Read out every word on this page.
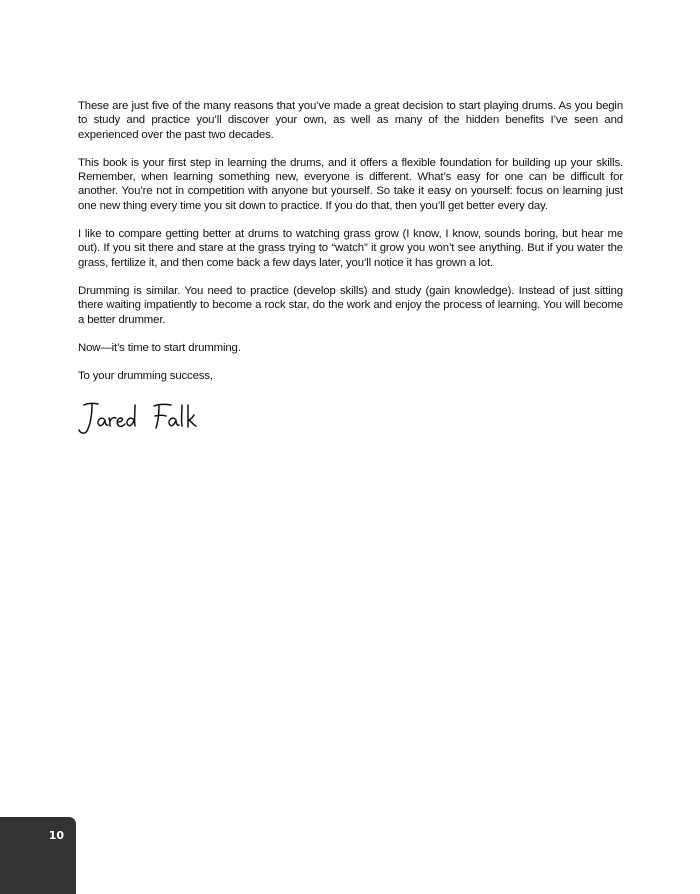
These are just five of the many reasons that you’ve made a great decision to start playing drums. As you begin to study and practice you’ll discover your own, as well as many of the hidden benefits I’ve seen and experienced over the past two decades.

This book is your first step in learning the drums, and it offers a flexible foundation for building up your skills. Remember, when learning something new, everyone is different. What’s easy for one can be difficult for another. You’re not in competition with anyone but yourself. So take it easy on yourself: focus on learning just one new thing every time you sit down to practice. If you do that, then you’ll get better every day.

I like to compare getting better at drums to watching grass grow (I know, I know, sounds boring, but hear me out). If you sit there and stare at the grass trying to “watch” it grow you won’t see anything. But if you water the grass, fertilize it, and then come back a few days later, you’ll notice it has grown a lot.

Drumming is similar. You need to practice (develop skills) and study (gain knowledge). Instead of just sitting there waiting impatiently to become a rock star, do the work and enjoy the process of learning. You will become a better drummer.

Now—it’s time to start drumming.

To your drumming success,

10
